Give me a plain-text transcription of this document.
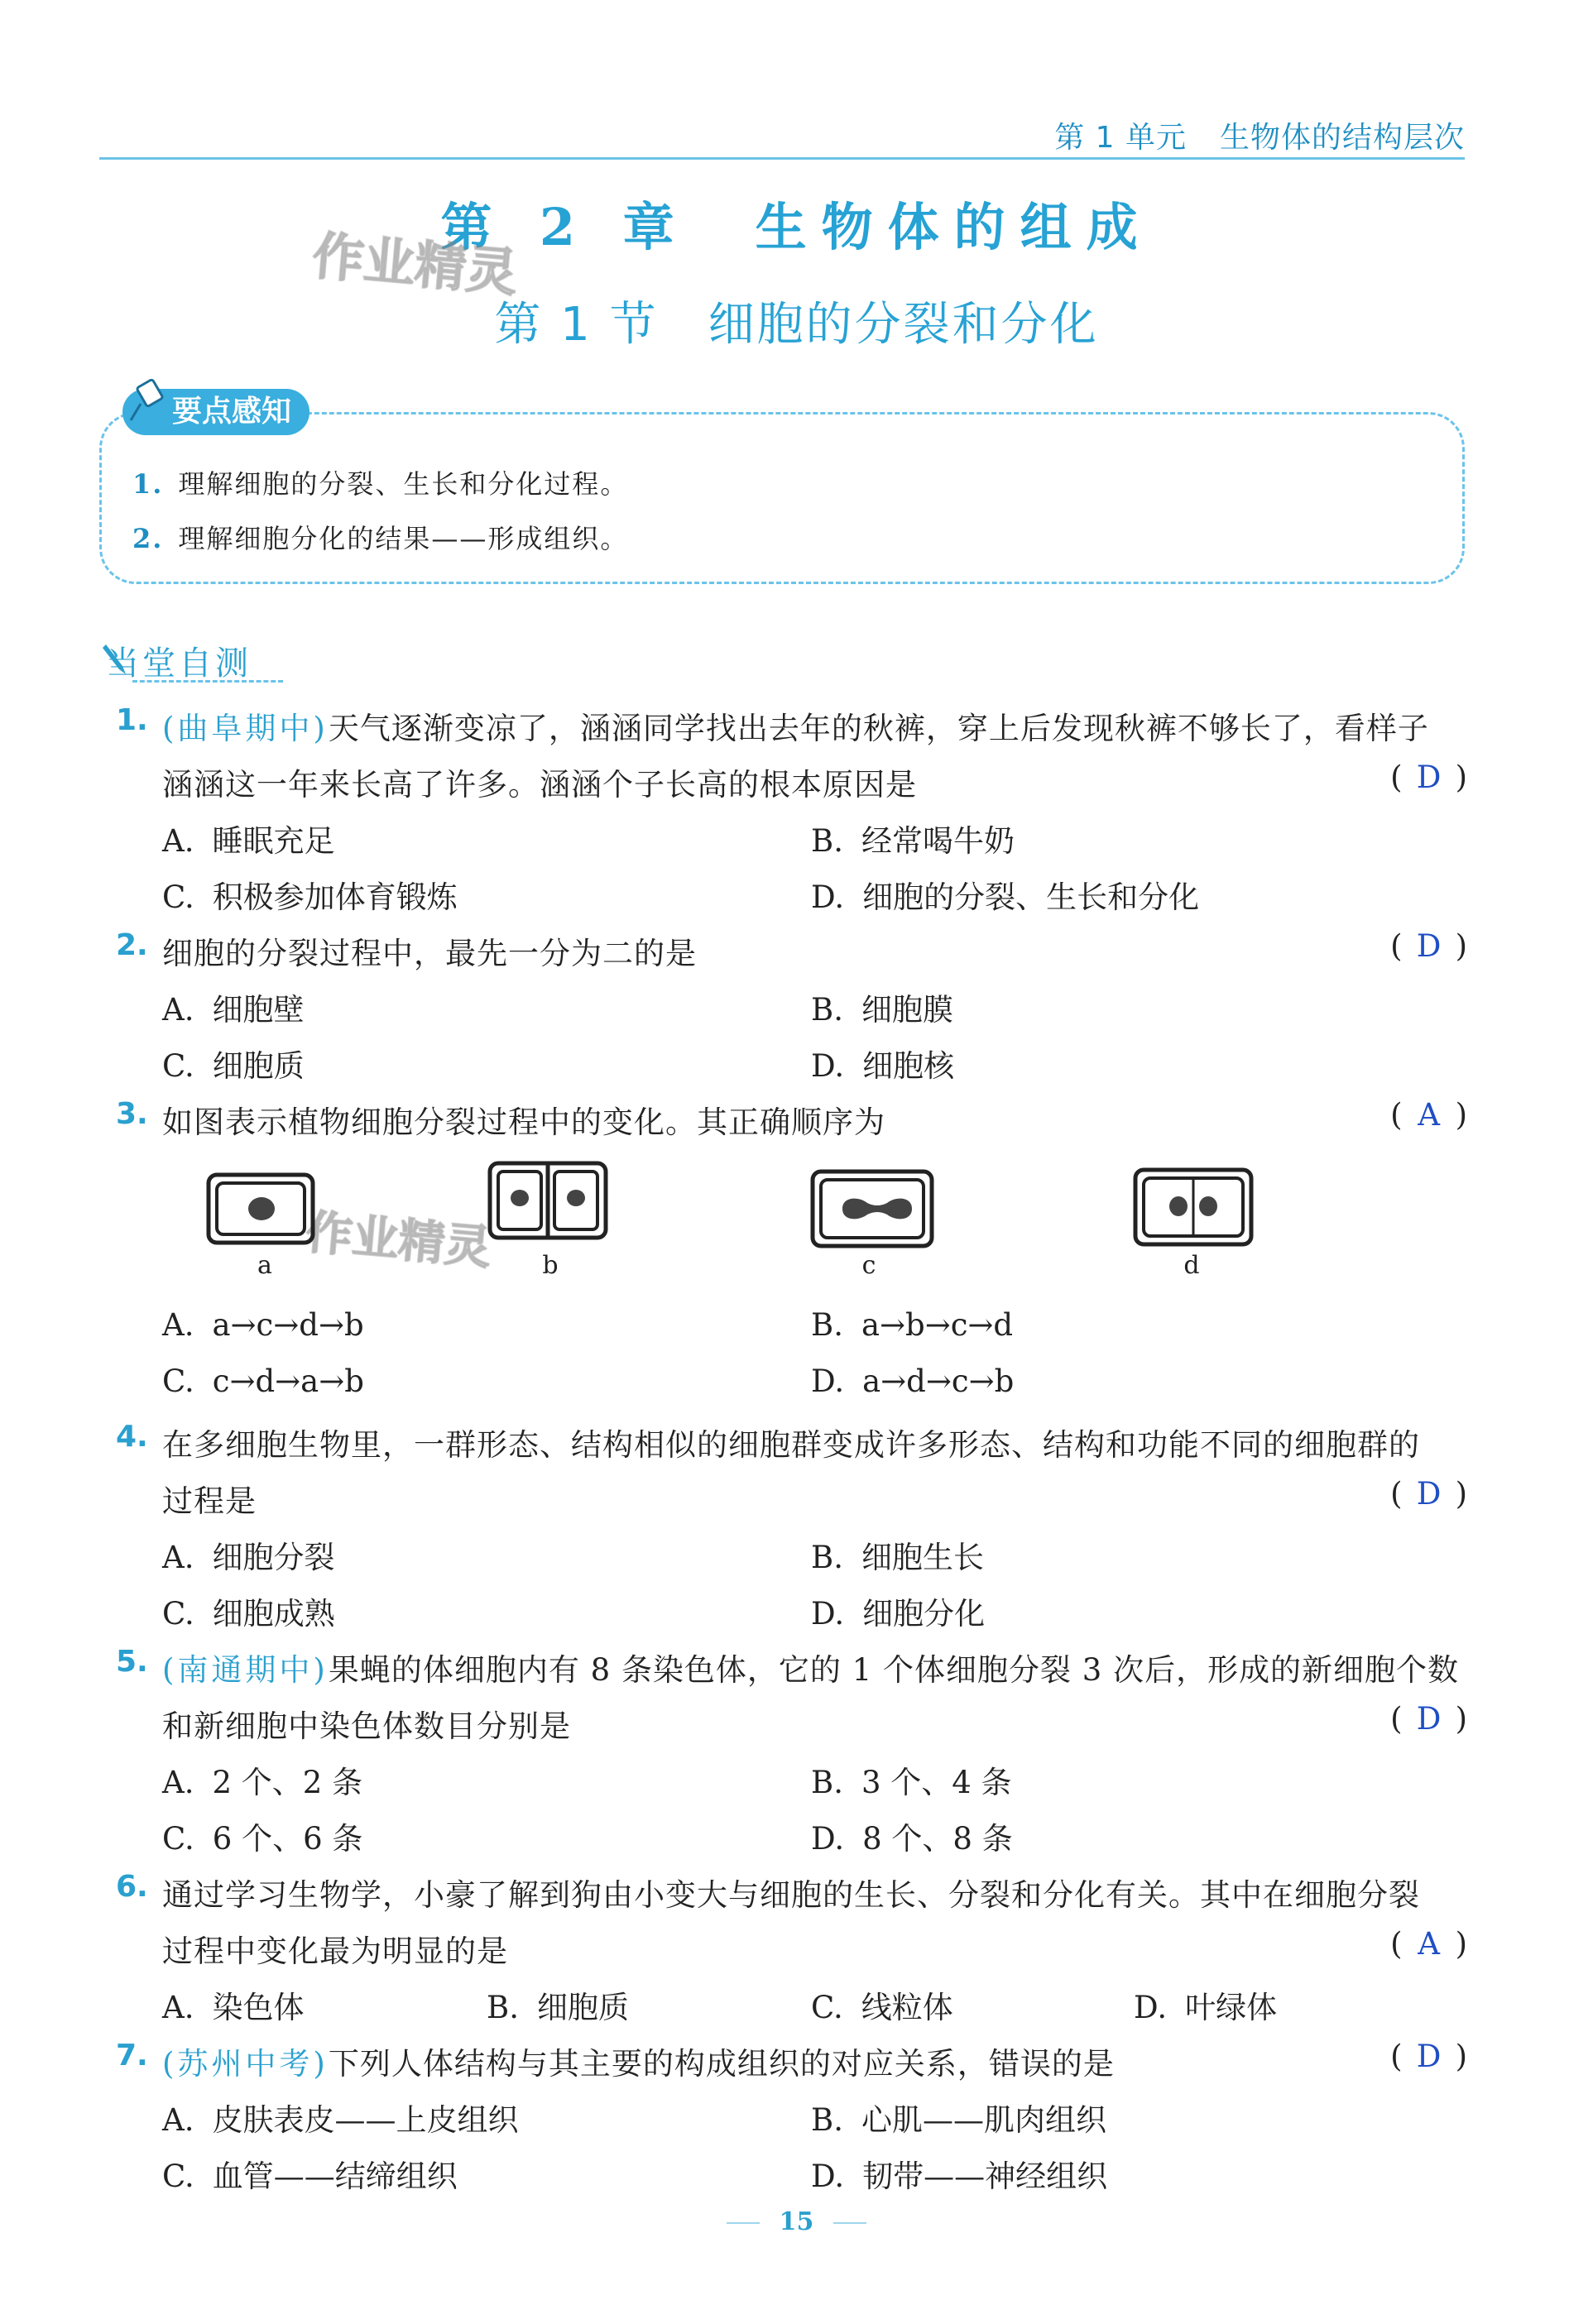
第 1 单元 生物体的结构层次
第 2 章　生物体的组成
第 1 节 细胞的分裂和分化
作业精灵
作业精灵
要点感知
1. 理解细胞的分裂、生长和分化过程。
2. 理解细胞分化的结果——形成组织。
当堂自测
1. (曲阜期中)天气逐渐变凉了，涵涵同学找出去年的秋裤，穿上后发现秋裤不够长了，看样子
涵涵这一年来长高了许多。涵涵个子长高的根本原因是	( D )
A. 睡眠充足	B. 经常喝牛奶
C. 积极参加体育锻炼	D. 细胞的分裂、生长和分化
2. 细胞的分裂过程中，最先一分为二的是	( D )
A. 细胞壁	B. 细胞膜
C. 细胞质	D. 细胞核
3. 如图表示植物细胞分裂过程中的变化。其正确顺序为	( A )
a	b	c	d
A. a→c→d→b	B. a→b→c→d
C. c→d→a→b	D. a→d→c→b
4. 在多细胞生物里，一群形态、结构相似的细胞群变成许多形态、结构和功能不同的细胞群的
过程是	( D )
A. 细胞分裂	B. 细胞生长
C. 细胞成熟	D. 细胞分化
5. (南通期中)果蝇的体细胞内有 8 条染色体，它的 1 个体细胞分裂 3 次后，形成的新细胞个数
和新细胞中染色体数目分别是	( D )
A. 2 个、2 条	B. 3 个、4 条
C. 6 个、6 条	D. 8 个、8 条
6. 通过学习生物学，小豪了解到狗由小变大与细胞的生长、分裂和分化有关。其中在细胞分裂
过程中变化最为明显的是	( A )
A. 染色体	B. 细胞质	C. 线粒体	D. 叶绿体
7. (苏州中考)下列人体结构与其主要的构成组织的对应关系，错误的是	( D )
A. 皮肤表皮——上皮组织	B. 心肌——肌肉组织
C. 血管——结缔组织	D. 韧带——神经组织
15
